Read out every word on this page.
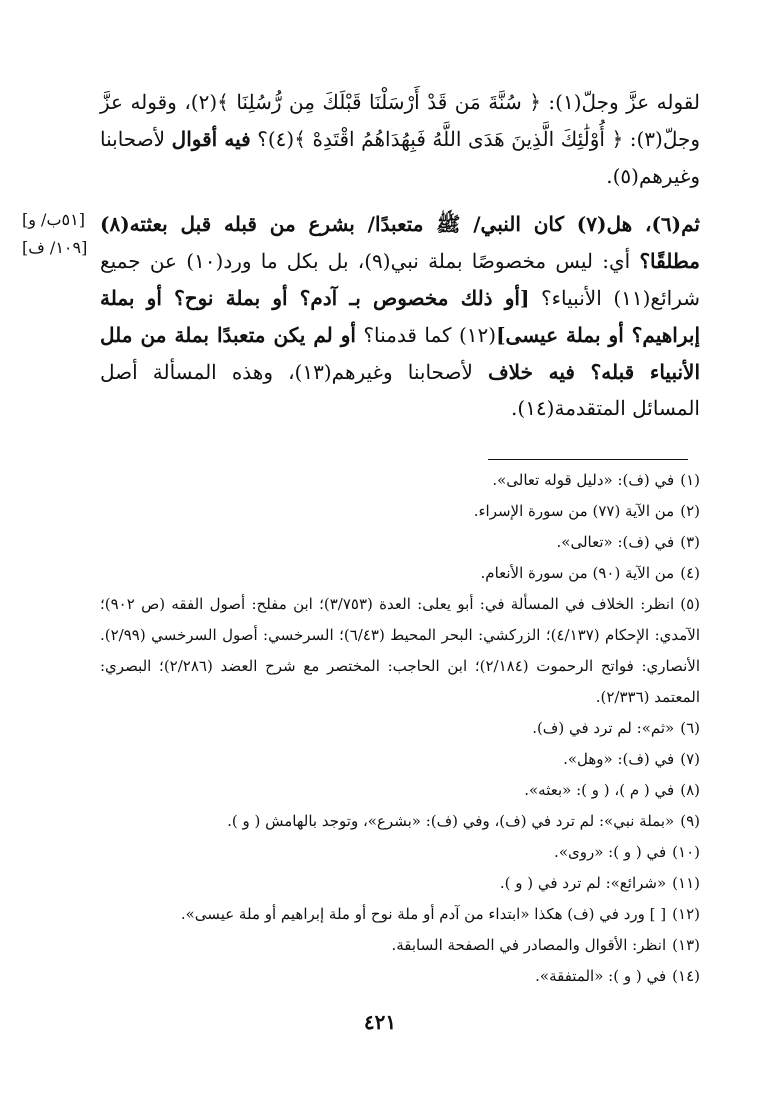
لقوله عزَّ وجلّ(١): ﴿ سُنَّةَ مَن قَدْ أَرْسَلْنَا قَبْلَكَ مِن رُّسُلِنَا ﴾(٢)، وقوله عزَّ وجلّ(٣): ﴿ أُوْلَٰئِكَ الَّذِينَ هَدَى اللَّهُ فَبِهُدَاهُمُ اقْتَدِهْ ﴾(٤)؟ فيه أقوال لأصحابنا وغيرهم(٥).

ثم(٦)، هل(٧) كان النبي/ ﷺ متعبدًا/ بشرع من قبله قبل بعثته(٨) مطلقًا؟ أي: ليس مخصوصًا بملة نبي(٩)، بل بكل ما ورد(١٠) عن جميع شرائع(١١) الأنبياء؟ [أو ذلك مخصوص بـ آدم؟ أو بملة نوح؟ أو بملة إبراهيم؟ أو بملة عيسى](١٢) كما قدمنا؟ أو لم يكن متعبدًا بملة من ملل الأنبياء قبله؟ فيه خلاف لأصحابنا وغيرهم(١٣)، وهذه المسألة أصل المسائل المتقدمة(١٤).

[٥١ب/ و]
[١٠٩/ ف]

(١)في (ف): «دليل قوله تعالى».

(٢)من الآية (٧٧) من سورة الإسراء.

(٣)في (ف): «تعالى».

(٤)من الآية (٩٠) من سورة الأنعام.

(٥)انظر: الخلاف في المسألة في: أبو يعلى: العدة (٣/٧٥٣)؛ ابن مفلح: أصول الفقه (ص ٩٠٢)؛ الآمدي: الإحكام (٤/١٣٧)؛ الزركشي: البحر المحيط (٦/٤٣)؛ السرخسي: أصول السرخسي (٢/٩٩). الأنصاري: فواتح الرحموت (٢/١٨٤)؛ ابن الحاجب: المختصر مع شرح العضد (٢/٢٨٦)؛ البصري: المعتمد (٢/٣٣٦).

(٦)«ثم»: لم ترد في (ف).

(٧)في (ف): «وهل».

(٨)في ( م )، ( و ): «بعثه».

(٩)«بملة نبي»: لم ترد في (ف)، وفي (ف): «بشرع»، وتوجد بالهامش ( و ).

(١٠)في ( و ): «روى».

(١١)«شرائع»: لم ترد في ( و ).

(١٢)[ ] ورد في (ف) هكذا «ابتداء من آدم أو ملة نوح أو ملة إبراهيم أو ملة عيسى».

(١٣)انظر: الأقوال والمصادر في الصفحة السابقة.

(١٤)في ( و ): «المتفقة».

٤٢١
